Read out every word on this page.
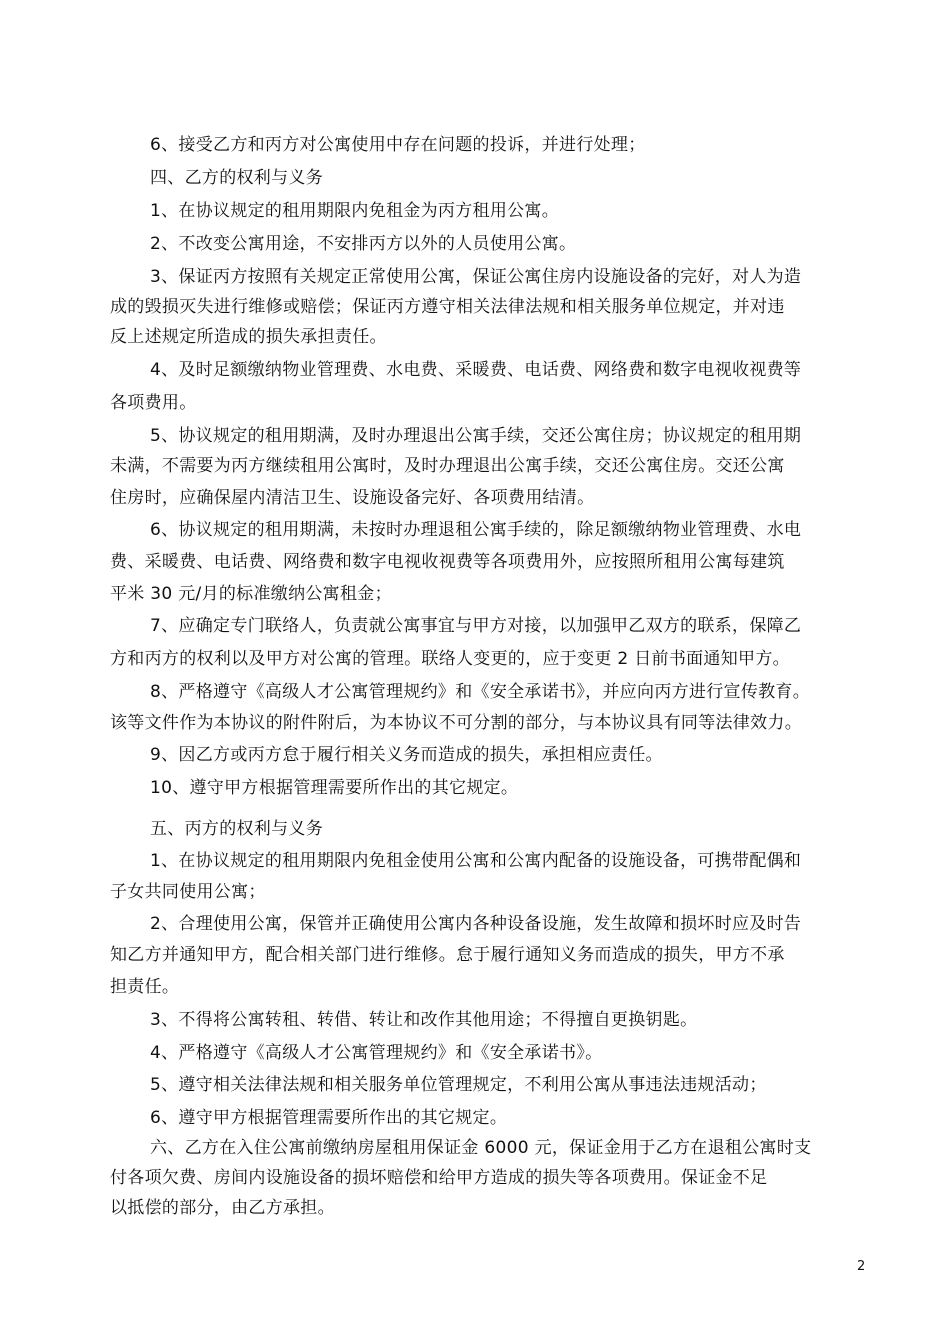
6、接受乙方和丙方对公寓使用中存在问题的投诉，并进行处理；
四、乙方的权利与义务
1、在协议规定的租用期限内免租金为丙方租用公寓。
2、不改变公寓用途，不安排丙方以外的人员使用公寓。
3、保证丙方按照有关规定正常使用公寓，保证公寓住房内设施设备的完好，对人为造
成的毁损灭失进行维修或赔偿；保证丙方遵守相关法律法规和相关服务单位规定，并对违
反上述规定所造成的损失承担责任。
4、及时足额缴纳物业管理费、水电费、采暖费、电话费、网络费和数字电视收视费等
各项费用。
5、协议规定的租用期满，及时办理退出公寓手续，交还公寓住房；协议规定的租用期
未满，不需要为丙方继续租用公寓时，及时办理退出公寓手续，交还公寓住房。交还公寓
住房时，应确保屋内清洁卫生、设施设备完好、各项费用结清。
6、协议规定的租用期满，未按时办理退租公寓手续的，除足额缴纳物业管理费、水电
费、采暖费、电话费、网络费和数字电视收视费等各项费用外，应按照所租用公寓每建筑
平米 30 元/月的标准缴纳公寓租金；
7、应确定专门联络人，负责就公寓事宜与甲方对接，以加强甲乙双方的联系，保障乙
方和丙方的权利以及甲方对公寓的管理。联络人变更的，应于变更 2 日前书面通知甲方。
8、严格遵守《高级人才公寓管理规约》和《安全承诺书》，并应向丙方进行宣传教育。
该等文件作为本协议的附件附后，为本协议不可分割的部分，与本协议具有同等法律效力。
9、因乙方或丙方怠于履行相关义务而造成的损失，承担相应责任。
10、遵守甲方根据管理需要所作出的其它规定。
五、丙方的权利与义务
1、在协议规定的租用期限内免租金使用公寓和公寓内配备的设施设备，可携带配偶和
子女共同使用公寓；
2、合理使用公寓，保管并正确使用公寓内各种设备设施，发生故障和损坏时应及时告
知乙方并通知甲方，配合相关部门进行维修。怠于履行通知义务而造成的损失，甲方不承
担责任。
3、不得将公寓转租、转借、转让和改作其他用途；不得擅自更换钥匙。
4、严格遵守《高级人才公寓管理规约》和《安全承诺书》。
5、遵守相关法律法规和相关服务单位管理规定，不利用公寓从事违法违规活动；
6、遵守甲方根据管理需要所作出的其它规定。
六、乙方在入住公寓前缴纳房屋租用保证金 6000 元，保证金用于乙方在退租公寓时支
付各项欠费、房间内设施设备的损坏赔偿和给甲方造成的损失等各项费用。保证金不足
以抵偿的部分，由乙方承担。
2
